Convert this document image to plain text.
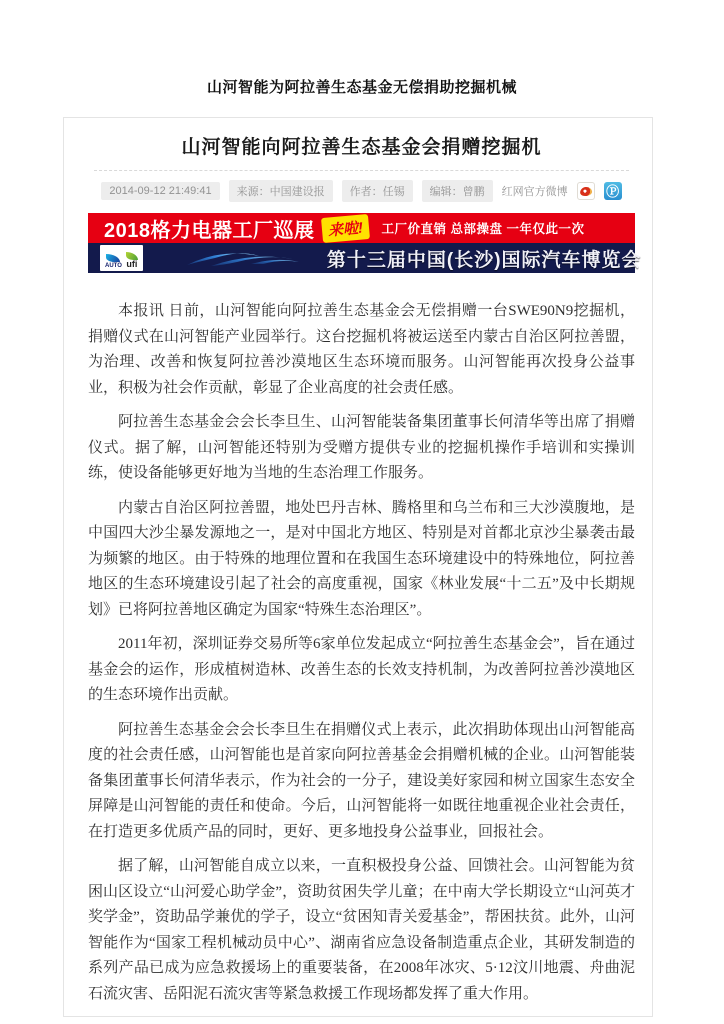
山河智能为阿拉善生态基金无偿捐助挖掘机械
山河智能向阿拉善生态基金会捐赠挖掘机
2014-09-12 21:49:41	来源：中国建设报	作者：任锡	编辑：曾鹏	红网官方微博	Ⓟ
2018格力电器工厂巡展 来啦!	工厂价直销 总部操盘 一年仅此一次
AUTO ufi	第十三届中国(长沙)国际汽车博览会

本报讯 日前，山河智能向阿拉善生态基金会无偿捐赠一台SWE90N9挖掘机，捐赠仪式在山河智能产业园举行。这台挖掘机将被运送至内蒙古自治区阿拉善盟，为治理、改善和恢复阿拉善沙漠地区生态环境而服务。山河智能再次投身公益事业，积极为社会作贡献，彰显了企业高度的社会责任感。

阿拉善生态基金会会长李旦生、山河智能装备集团董事长何清华等出席了捐赠仪式。据了解，山河智能还特别为受赠方提供专业的挖掘机操作手培训和实操训练，使设备能够更好地为当地的生态治理工作服务。

内蒙古自治区阿拉善盟，地处巴丹吉林、腾格里和乌兰布和三大沙漠腹地，是中国四大沙尘暴发源地之一，是对中国北方地区、特别是对首都北京沙尘暴袭击最为频繁的地区。由于特殊的地理位置和在我国生态环境建设中的特殊地位，阿拉善地区的生态环境建设引起了社会的高度重视，国家《林业发展“十二五”及中长期规划》已将阿拉善地区确定为国家“特殊生态治理区”。

2011年初，深圳证券交易所等6家单位发起成立“阿拉善生态基金会”，旨在通过基金会的运作，形成植树造林、改善生态的长效支持机制，为改善阿拉善沙漠地区的生态环境作出贡献。

阿拉善生态基金会会长李旦生在捐赠仪式上表示，此次捐助体现出山河智能高度的社会责任感，山河智能也是首家向阿拉善基金会捐赠机械的企业。山河智能装备集团董事长何清华表示，作为社会的一分子，建设美好家园和树立国家生态安全屏障是山河智能的责任和使命。今后，山河智能将一如既往地重视企业社会责任，在打造更多优质产品的同时，更好、更多地投身公益事业，回报社会。

据了解，山河智能自成立以来，一直积极投身公益、回馈社会。山河智能为贫困山区设立“山河爱心助学金”，资助贫困失学儿童；在中南大学长期设立“山河英才奖学金”，资助品学兼优的学子，设立“贫困知青关爱基金”，帮困扶贫。此外，山河智能作为“国家工程机械动员中心”、湖南省应急设备制造重点企业，其研发制造的系列产品已成为应急救援场上的重要装备，在2008年冰灾、5·12汶川地震、舟曲泥石流灾害、岳阳泥石流灾害等紧急救援工作现场都发挥了重大作用。
